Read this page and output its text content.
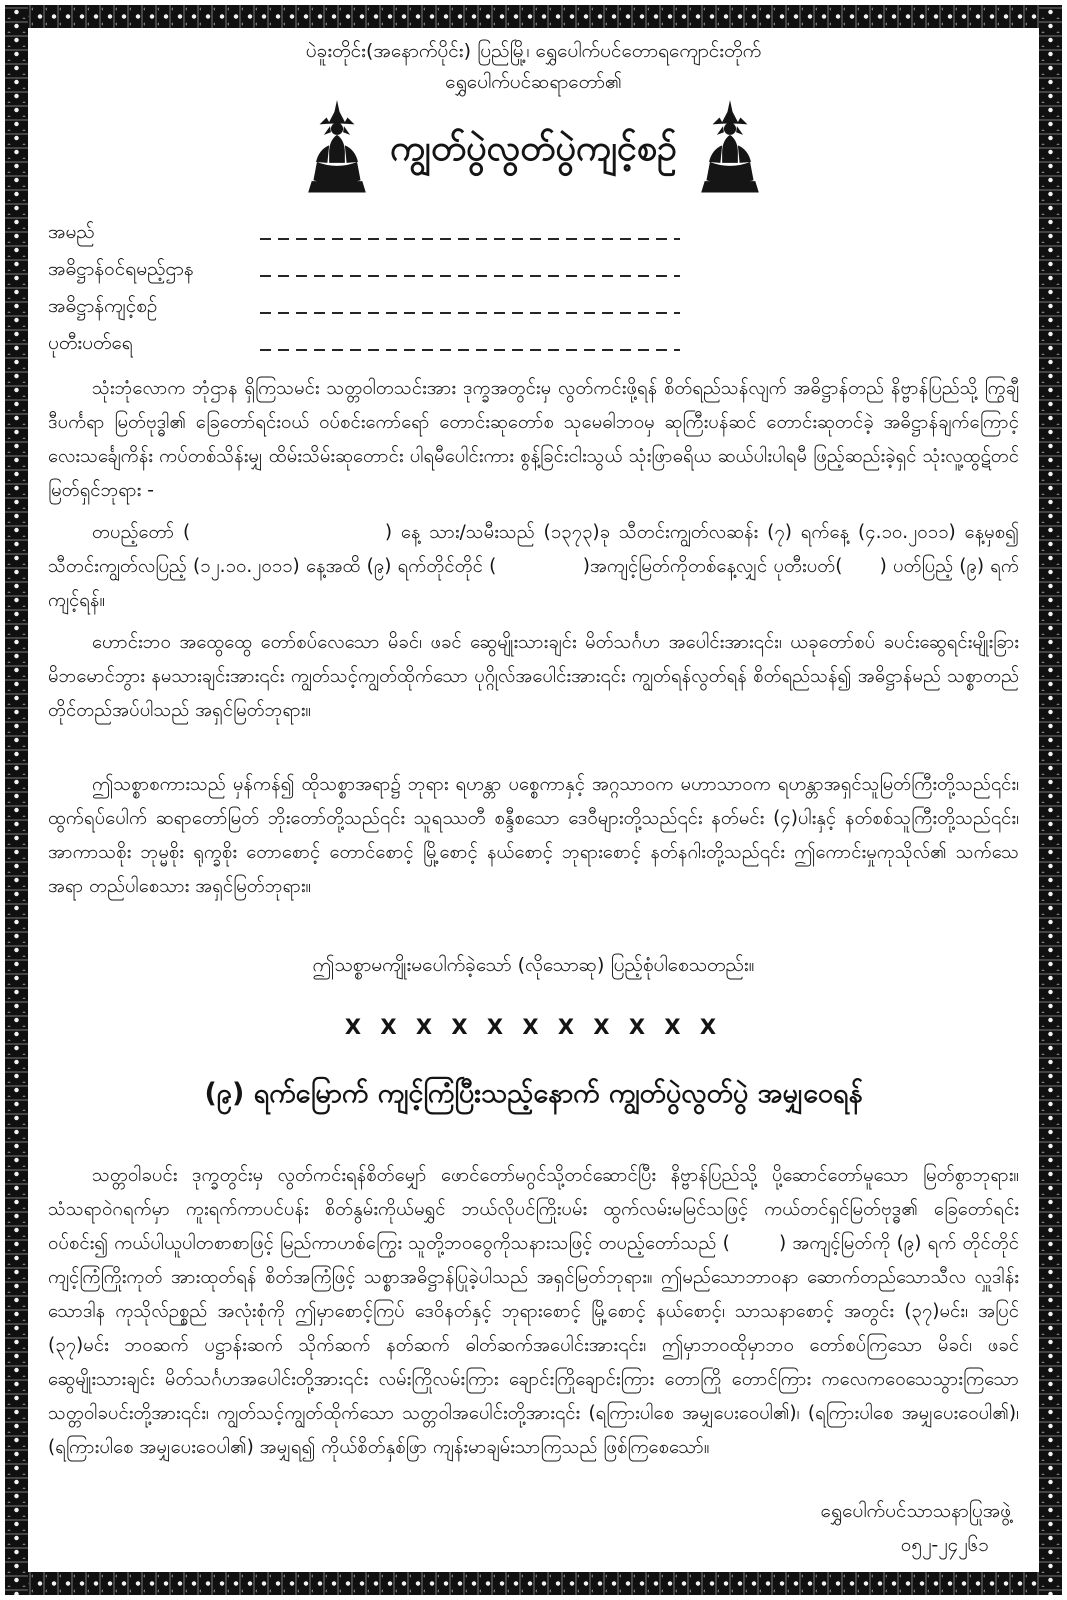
ပဲခူးတိုင်း(အနောက်ပိုင်း) ပြည်မြို့၊ ရွှေပေါက်ပင်တောရကျောင်းတိုက်
ရွှေပေါက်ပင်ဆရာတော်၏
ကျွတ်ပွဲလွတ်ပွဲကျင့်စဉ်
အမည်
အဓိဋ္ဌာန်ဝင်ရမည့်ဌာန
အဓိဋ္ဌာန်ကျင့်စဉ်
ပုတီးပတ်ရေ

သုံးဘုံလောက ဘုံဌာန ရှိကြသမင်း သတ္တဝါတသင်းအား ဒုက္ခအတွင်းမှ လွတ်ကင်းဖို့ရန် စိတ်ရည်သန်လျက် အဓိဋ္ဌာန်တည် နိဗ္ဗာန်ပြည်သို့ ကြွချီဒီပင်္ကရာ မြတ်ဗုဒ္ဓါ၏ ခြေတော်ရင်းဝယ် ဝပ်စင်းကော်ရော် တောင်းဆုတော်စ သုမေဓါဘဝမှ ဆုကြီးပန်ဆင် တောင်းဆုတင်ခဲ့ အဓိဋ္ဌာန်ချက်ကြောင့် လေးသင်္ချေကိန်း ကပ်တစ်သိန်းမျှ ထိမ်းသိမ်းဆုတောင်း ပါရမီပေါင်းကား စွန့်ခြင်းငါးသွယ် သုံးဖြာဓရိယ ဆယ်ပါးပါရမီ ဖြည့်ဆည်းခဲ့ရှင် သုံးလူ့ထွဋ်တင် မြတ်ရှင်ဘုရား -

တပည့်တော် (                      ) နေ့ သား/သမီးသည် (၁၃၇၃)ခု သီတင်းကျွတ်လဆန်း (၇) ရက်နေ့ (၄.၁၀.၂၀၁၁) နေ့မှစ၍ သီတင်းကျွတ်လပြည့် (၁၂.၁၀.၂၀၁၁) နေ့အထိ (၉) ရက်တိုင်တိုင် (              )အကျင့်မြတ်ကိုတစ်နေ့လျှင် ပုတီးပတ်(      ) ပတ်ပြည့် (၉) ရက်ကျင့်ရန်။

ဟောင်းဘဝ အထွေထွေ တော်စပ်လေသော မိခင်၊ ဖခင် ဆွေမျိုးသားချင်း မိတ်သင်္ဂဟ အပေါင်းအား၎င်း၊ ယခုတော်စပ် ခပင်းဆွေရင်းမျိုးခြား မိဘမောင်ဘွား နမသားချင်းအား၎င်း ကျွတ်သင့်ကျွတ်ထိုက်သော ပုဂ္ဂိုလ်အပေါင်းအား၎င်း ကျွတ်ရန်လွတ်ရန် စိတ်ရည်သန်၍ အဓိဋ္ဌာန်မည် သစ္စာတည် တိုင်တည်အပ်ပါသည် အရှင်မြတ်ဘုရား။

ဤသစ္စာစကားသည် မှန်ကန်၍ ထိုသစ္စာအရာ၌ ဘုရား ရဟန္တာ ပစ္စေကာနှင့် အဂ္ဂသာဝက မဟာသာဝက ရဟန္တာအရှင်သူမြတ်ကြီးတို့သည်၎င်း၊ ထွက်ရပ်ပေါက် ဆရာတော်မြတ် ဘိုးတော်တို့သည်၎င်း သူရဿတီ စန္ဒီစသော ဒေဝီများတို့သည်၎င်း နတ်မင်း (၄)ပါးနှင့် နတ်စစ်သူကြီးတို့သည်၎င်း၊ အာကာသစိုး ဘုမ္မစိုး ရုက္ခစိုး တောစောင့် တောင်စောင့် မြို့စောင့် နယ်စောင့် ဘုရားစောင့် နတ်နဂါးတို့သည်၎င်း ဤကောင်းမှုကုသိုလ်၏ သက်သေအရာ တည်ပါစေသား အရှင်မြတ်ဘုရား။

ဤသစ္စာမကျိုးမပေါက်ခဲ့သော် (လိုသောဆု) ပြည့်စုံပါစေသတည်း။

X X X X X X X X X X X

(၉) ရက်မြောက် ကျင့်ကြံပြီးသည့်နောက် ကျွတ်ပွဲလွတ်ပွဲ အမျှဝေရန်

သတ္တဝါခပင်း ဒုက္ခတွင်းမှ လွတ်ကင်းရန်စိတ်မျှော် ဖောင်တော်မဂွင်သို့တင်ဆောင်ပြီး နိဗ္ဗာန်ပြည်သို့ ပို့ဆောင်တော်မူသော မြတ်စွာဘုရား။ သံသရာဝဲဂရက်မှာ ကူးရက်ကာပင်ပန်း စိတ်နွမ်းကိုယ်မရွှင် ဘယ်လိုပင်ကြိုးပမ်း ထွက်လမ်းမမြင်သဖြင့် ကယ်တင်ရှင်မြတ်ဗုဒ္ဓ၏ ခြေတော်ရင်း ဝပ်စင်း၍ ကယ်ပါယူပါတစာစာဖြင့် မြည်ကာဟစ်ကြွေး သူတို့ဘဝဝွေကိုသနားသဖြင့် တပည့်တော်သည် (        ) အကျင့်မြတ်ကို (၉) ရက် တိုင်တိုင် ကျင့်ကြံကြိုးကုတ် အားထုတ်ရန် စိတ်အကြံဖြင့် သစ္စာအဓိဋ္ဌာန်ပြုခဲ့ပါသည် အရှင်မြတ်ဘုရား။ ဤမည်သောဘာဝနာ ဆောက်တည်သောသီလ လှူဒါန်းသောဒါန ကုသိုလ်ဉစ္စည် အလုံးစုံကို ဤမှာစောင့်ကြပ် ဒေဝိနတ်နှင့် ဘုရားစောင့် မြို့စောင့် နယ်စောင့်၊ သာသနာစောင့် အတွင်း (၃၇)မင်း၊ အပြင် (၃၇)မင်း ဘဝဆက် ပဋ္ဌာန်းဆက် သိုက်ဆက် နတ်ဆက် ဓါတ်ဆက်အပေါင်းအား၎င်း၊ ဤမှာဘဝထိုမှာဘဝ တော်စပ်ကြသော မိခင်၊ ဖခင် ဆွေမျိုးသားချင်း မိတ်သင်္ဂဟအပေါင်းတို့အား၎င်း လမ်းကြိုလမ်းကြား ချောင်းကြိုချောင်းကြား တောကြို တောင်ကြား ကလေကဝေသေသွားကြသော သတ္တဝါခပင်းတို့အား၎င်း၊ ကျွတ်သင့်ကျွတ်ထိုက်သော သတ္တဝါအပေါင်းတို့အား၎င်း (ရကြားပါစေ အမျှပေးဝေပါ၏)၊ (ရကြားပါစေ အမျှပေးဝေပါ၏)၊ (ရကြားပါစေ အမျှပေးဝေပါ၏) အမျှရ၍ ကိုယ်စိတ်နှစ်ဖြာ ကျန်းမာချမ်းသာကြသည် ဖြစ်ကြစေသော်။

ရွှေပေါက်ပင်သာသနာပြုအဖွဲ့
၀၅၂-၂၄၂၆၁
